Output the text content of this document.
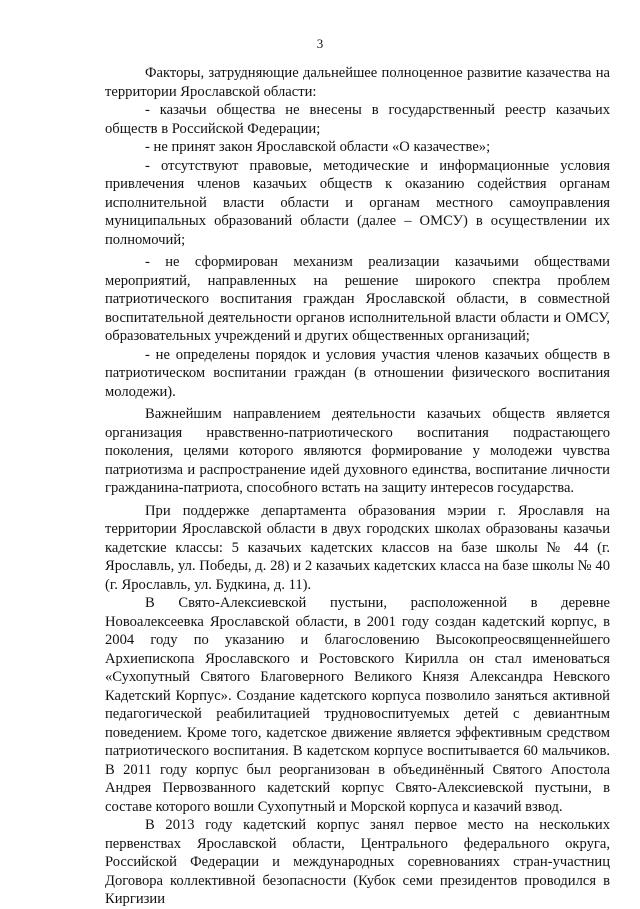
3

Факторы, затрудняющие дальнейшее полноценное развитие казачества на территории Ярославской области:

- казачьи общества не внесены в государственный реестр казачьих обществ в Российской Федерации;

- не принят закон Ярославской области «О казачестве»;

- отсутствуют правовые, методические и информационные условия привлечения членов казачьих обществ к оказанию содействия органам исполнительной власти области и органам местного самоуправления муниципальных образований области (далее – ОМСУ) в осуществлении их полномочий;

- не сформирован механизм реализации казачьими обществами мероприятий, направленных на решение широкого спектра проблем патриотического воспитания граждан Ярославской области, в совместной воспитательной деятельности органов исполнительной власти области и ОМСУ, образовательных учреждений и других общественных организаций;

- не определены порядок и условия участия членов казачьих обществ в патриотическом воспитании граждан (в отношении физического воспитания молодежи).

Важнейшим направлением деятельности казачьих обществ является организация нравственно-патриотического воспитания подрастающего поколения, целями которого являются формирование у молодежи чувства патриотизма и распространение идей духовного единства, воспитание личности гражданина-патриота, способного встать на защиту интересов государства.

При поддержке департамента образования мэрии г. Ярославля на территории Ярославской области в двух городских школах образованы казачьи кадетские классы: 5 казачьих кадетских классов на базе школы № 44 (г. Ярославль, ул. Победы, д. 28) и 2 казачьих кадетских класса на базе школы № 40 (г. Ярославль, ул. Будкина, д. 11).

В Свято-Алексиевской пустыни, расположенной в деревне Новоалексеевка Ярославской области, в 2001 году создан кадетский корпус, в 2004 году по указанию и благословению Высокопреосвященнейшего Архиепископа Ярославского и Ростовского Кирилла он стал именоваться «Сухопутный Святого Благоверного Великого Князя Александра Невского Кадетский Корпус». Создание кадетского корпуса позволило заняться активной педагогической реабилитацией трудновоспитуемых детей с девиантным поведением. Кроме того, кадетское движение является эффективным средством патриотического воспитания. В кадетском корпусе воспитывается 60 мальчиков. В 2011 году корпус был реорганизован в объединённый Святого Апостола Андрея Первозванного кадетский корпус Свято-Алексиевской пустыни, в составе которого вошли Сухопутный и Морской корпуса и казачий взвод.

В 2013 году кадетский корпус занял первое место на нескольких первенствах Ярославской области, Центрального федерального округа, Российской Федерации и международных соревнованиях стран-участниц Договора коллективной безопасности (Кубок семи президентов проводился в Киргизии
